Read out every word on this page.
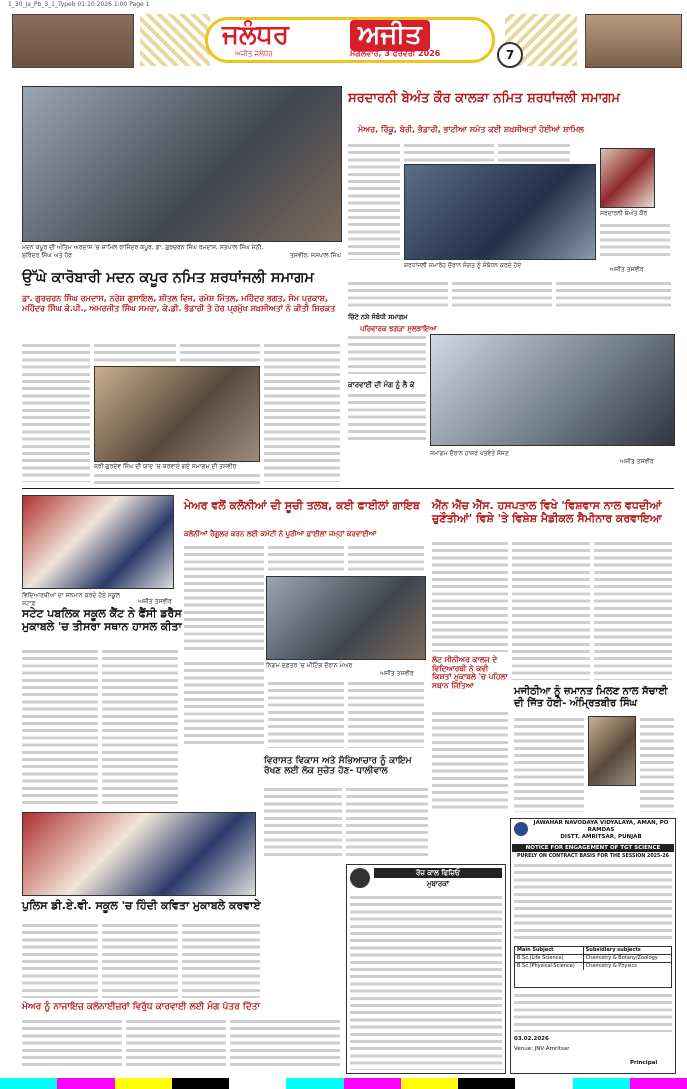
1_30_Ja_Pb_3_1_Typeb 01:10 2026 1:00 Page 1
ਜਲੰਧਰ	ਅਜੀਤ
ਅਜੀਤ ਜਲੰਧਰ	ਮੰਗਲਵਾਰ, 3 ਫਰਵਰੀ 2026	7
ਮਦਨ ਕਪੂਰ ਦੀ ਅੰਤਿਮ ਅਰਦਾਸ 'ਚ ਸ਼ਾਮਿਲ ਰਾਜਿੰਦਰ ਕਪੂਰ, ਡਾ. ਗੁਰਚਰਨ ਸਿੰਘ ਰਮਦਾਸ, ਸਤਪਾਲ ਸਿੰਘ ਸੇਠੀ, ਸੁਰਿੰਦਰ ਸਿੰਘ ਅਤੇ ਹੋਰ	ਤਸਵੀਰ: ਜਸਪਾਲ ਸਿੰਘ
ਉੱਘੇ ਕਾਰੋਬਾਰੀ ਮਦਨ ਕਪੂਰ ਨਮਿਤ ਸ਼ਰਧਾਂਜਲੀ ਸਮਾਗਮ
ਡਾ. ਗੁਰਚਰਨ ਸਿੰਘ ਰਮਦਾਸ, ਨਰੇਸ਼ ਗੁਸਾਇਲ, ਸ਼ੀਤਲ ਵਿਜ, ਰਮੇਸ਼ ਮਿੱਤਲ, ਮਹਿੰਦਰ ਭਗਤ, ਸੋਮ ਪ੍ਰਕਾਸ਼, ਮਹਿੰਦਰ ਸਿੰਘ ਕੇ.ਪੀ., ਅਮਰਜੀਤ ਸਿੰਘ ਸਮਰਾ, ਕੇ.ਡੀ. ਭੰਡਾਰੀ ਤੇ ਹੋਰ ਪ੍ਰਮੁੱਖ ਸ਼ਖ਼ਸੀਅਤਾਂ ਨੇ ਕੀਤੀ ਸ਼ਿਰਕਤ
ਸ਼੍ਰੀ ਗੁਰਦੇਵ ਸਿੰਘ ਦੀ ਯਾਦ 'ਚ ਕਰਵਾਏ ਗਏ ਸਮਾਗਮ ਦੀ ਤਸਵੀਰ
ਸਰਦਾਰਨੀ ਬੇਅੰਤ ਕੌਰ ਕਾਲੜਾ ਨਮਿਤ ਸ਼ਰਧਾਂਜਲੀ ਸਮਾਗਮ
ਮੇਅਰ, ਰਿੰਕੂ, ਬੇਰੀ, ਭੰਡਾਰੀ, ਭਾਟੀਆ ਸਮੇਤ ਕਈ ਸ਼ਖ਼ਸੀਅਤਾਂ ਹੋਈਆਂ ਸ਼ਾਮਿਲ
ਸਰਦਾਰਨੀ ਬੇਅੰਤ ਕੌਰ
ਸ਼ਰਧਾਂਜਲੀ ਸਮਾਰੋਹ ਦੌਰਾਨ ਸੰਗਤ ਨੂੰ ਸੰਬੋਧਨ ਕਰਦੇ ਹੋਏ
ਅਜੀਤ ਤਸਵੀਰ
ਚਿੱਟੇ ਨਸ਼ੇ ਸੰਬੰਧੀ ਸਮਾਗਮ
ਪਰਿਵਾਰਕ ਝਗੜਾ ਸੁਲਝਾਇਆ
ਕਾਰਵਾਈ ਦੀ ਮੰਗ ਨੂੰ ਲੈ ਕੇ
ਸਮਾਗਮ ਦੌਰਾਨ ਹਾਜ਼ਰ ਪਤਵੰਤੇ ਸੱਜਣ
ਅਜੀਤ ਤਸਵੀਰ
ਵਿਦਿਆਰਥੀਆਂ ਦਾ ਸਨਮਾਨ ਕਰਦੇ ਹੋਏ ਸਕੂਲ ਸਟਾਫ਼	ਅਜੀਤ ਤਸਵੀਰ
ਸਟੇਟ ਪਬਲਿਕ ਸਕੂਲ ਕੈਂਟ ਨੇ ਫੈਂਸੀ ਡਰੈੱਸ ਮੁਕਾਬਲੇ 'ਚ ਤੀਸਰਾ ਸਥਾਨ ਹਾਸਲ ਕੀਤਾ
ਮੇਅਰ ਵਲੋਂ ਕਲੋਨੀਆਂ ਦੀ ਸੂਚੀ ਤਲਬ, ਕਈ ਫਾਈਲਾਂ ਗਾਇਬ
ਕਲੋਨੀਆਂ ਰੈਗੂਲਰ ਕਰਨ ਲਈ ਕਮੇਟੀ ਨੇ ਪੂਰੀਆਂ ਫ਼ਾਈਲਾਂ ਜਮ੍ਹਾਂ ਕਰਵਾਈਆਂ
ਨਿਗਮ ਦਫ਼ਤਰ 'ਚ ਮੀਟਿੰਗ ਦੌਰਾਨ ਮੇਅਰ
ਅਜੀਤ ਤਸਵੀਰ
ਐੱਨ ਐੱਚ ਐੱਸ. ਹਸਪਤਾਲ ਵਿਖੇ 'ਵਿਸ਼ਵਾਸ ਨਾਲ ਵਧਦੀਆਂ ਚੁਣੌਤੀਆਂ' ਵਿਸ਼ੇ 'ਤੇ ਵਿਸ਼ੇਸ਼ ਮੈਡੀਕਲ ਸੈਮੀਨਾਰ ਕਰਵਾਇਆ
ਲੋਟ ਸੀਨੀਅਰ ਕਾਲਜ ਦੇ ਵਿਦਿਆਰਥੀ ਨੇ ਕਵੀ ਕਿਸ਼ਤਾਂ ਮੁਕਾਬਲੇ 'ਚ ਪਹਿਲਾ ਸਥਾਨ ਜਿੱਤਿਆ
ਮਜੀਠੀਆ ਨੂੰ ਜ਼ਮਾਨਤ ਮਿਲਣ ਨਾਲ ਸੱਚਾਈ ਦੀ ਜਿੱਤ ਹੋਈ- ਅੰਮ੍ਰਿਤਬੀਰ ਸਿੰਘ
ਵਿਰਾਸਤ ਵਿਕਾਸ ਅਤੇ ਸੱਭਿਆਚਾਰ ਨੂੰ ਕਾਇਮ ਰੱਖਣ ਲਈ ਲੋਕ ਸੁਚੇਤ ਹੋਣ- ਧਾਲੀਵਾਲ
ਪੁਲਿਸ ਡੀ.ਏ.ਵੀ. ਸਕੂਲ 'ਚ ਹਿੰਦੀ ਕਵਿਤਾ ਮੁਕਾਬਲੇ ਕਰਵਾਏ
ਮੇਅਰ ਨੂੰ ਨਾਜਾਇਜ਼ ਕਲੋਨਾਈਜ਼ਰਾਂ ਵਿਰੁੱਧ ਕਾਰਵਾਈ ਲਈ ਮੰਗ ਪੱਤਰ ਦਿੱਤਾ
ਰੋਜ਼ ਕਾਲ ਫਿਜ਼ਿਓ
ਮੁਬਾਰਕਾਂ
JAWAHAR NAVODAYA VIDYALAYA, AMAN, PO RAMDAS
DISTT. AMRITSAR, PUNJAB
NOTICE FOR ENGAGEMENT OF TGT SCIENCE
PURELY ON CONTRACT BASIS FOR THE SESSION 2025-26
Main Subject	Subsidiary subjects
B.Sc.(Life Science)	Chemistry & Botany/Zoology
B.Sc.(Physical Science)	Chemistry & Physics
03.02.2026
Venue: JNV Amritsar
Principal
